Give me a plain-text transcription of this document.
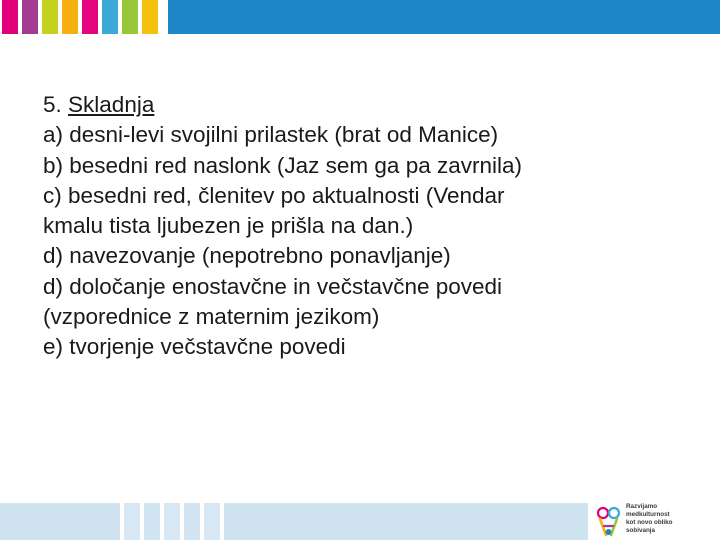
5. Skladnja
a) desni-levi svojilni prilastek (brat od Manice)
b) besedni red naslonk (Jaz sem ga pa zavrnila)
c) besedni red, členitev po aktualnosti (Vendar
kmalu tista ljubezen je prišla na dan.)
d) navezovanje (nepotrebno ponavljanje)
d) določanje enostavčne in večstavčne povedi
(vzporednice z maternim jezikom)
e) tvorjenje večstavčne povedi
Razvijamo
medkulturnost
kot novo obliko
sobivanja
